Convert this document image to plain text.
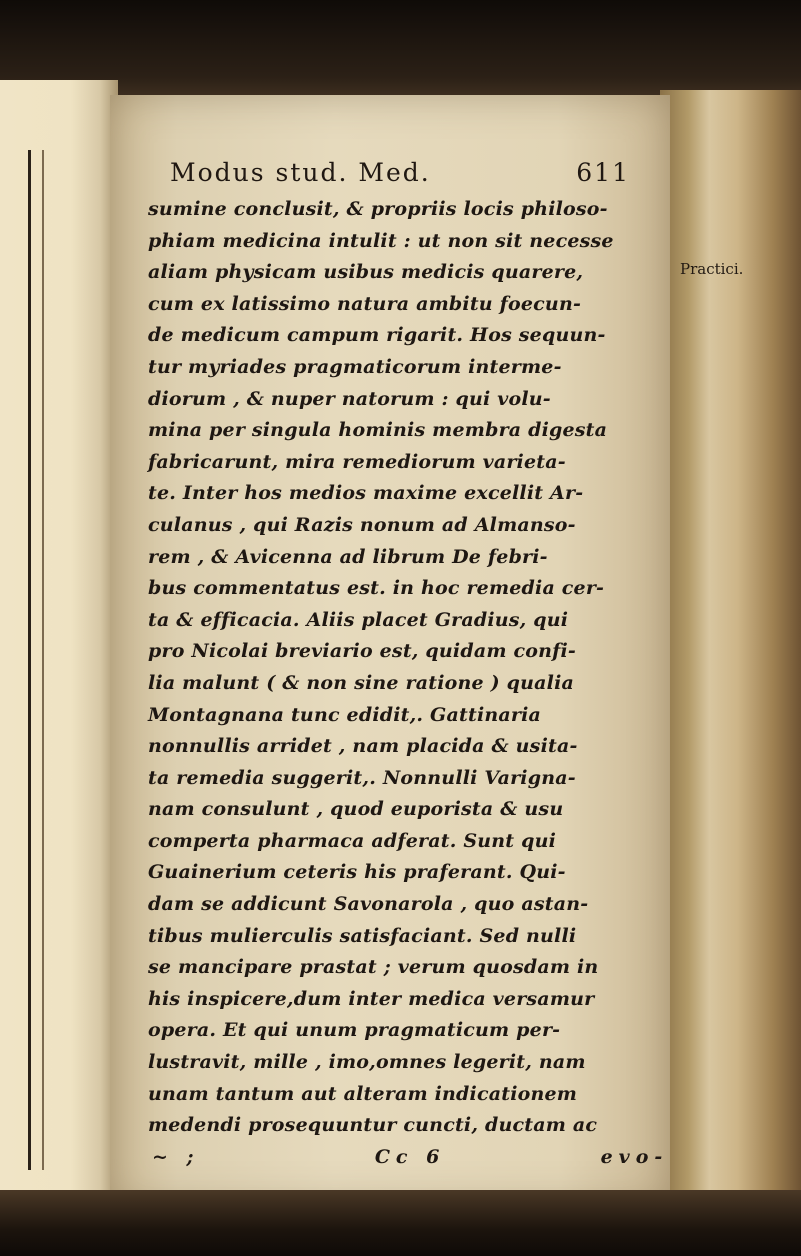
Modus stud. Med.	611
Practici.
sumine conclusit, & propriis locis philoso-
phiam medicina intulit : ut non sit necesse
aliam physicam usibus medicis quarere,
cum ex latissimo natura ambitu foecun-
de medicum campum rigarit. Hos sequun-
tur myriades pragmaticorum interme-
diorum , & nuper natorum : qui volu-
mina per singula hominis membra digesta
fabricarunt, mira remediorum varieta-
te. Inter hos medios maxime excellit Ar-
culanus , qui Razis nonum ad Almanso-
rem , & Avicenna ad librum De febri-
bus commentatus est. in hoc remedia cer-
ta & efficacia. Aliis placet Gradius, qui
pro Nicolai breviario est, quidam confi-
lia malunt ( & non sine ratione ) qualia
Montagnana tunc edidit,. Gattinaria
nonnullis arridet , nam placida & usita-
ta remedia suggerit,. Nonnulli Varigna-
nam consulunt , quod euporista & usu
comperta pharmaca adferat. Sunt qui
Guainerium ceteris his praferant. Qui-
dam se addicunt Savonarola , quo astan-
tibus mulierculis satisfaciant. Sed nulli
se mancipare prastat ; verum quosdam in
his inspicere,dum inter medica versamur
opera. Et qui unum pragmaticum per-
lustravit, mille , imo,omnes legerit, nam
unam tantum aut alteram indicationem
medendi prosequuntur cuncti, ductam ac
~ ;	Cc 6	evo-
